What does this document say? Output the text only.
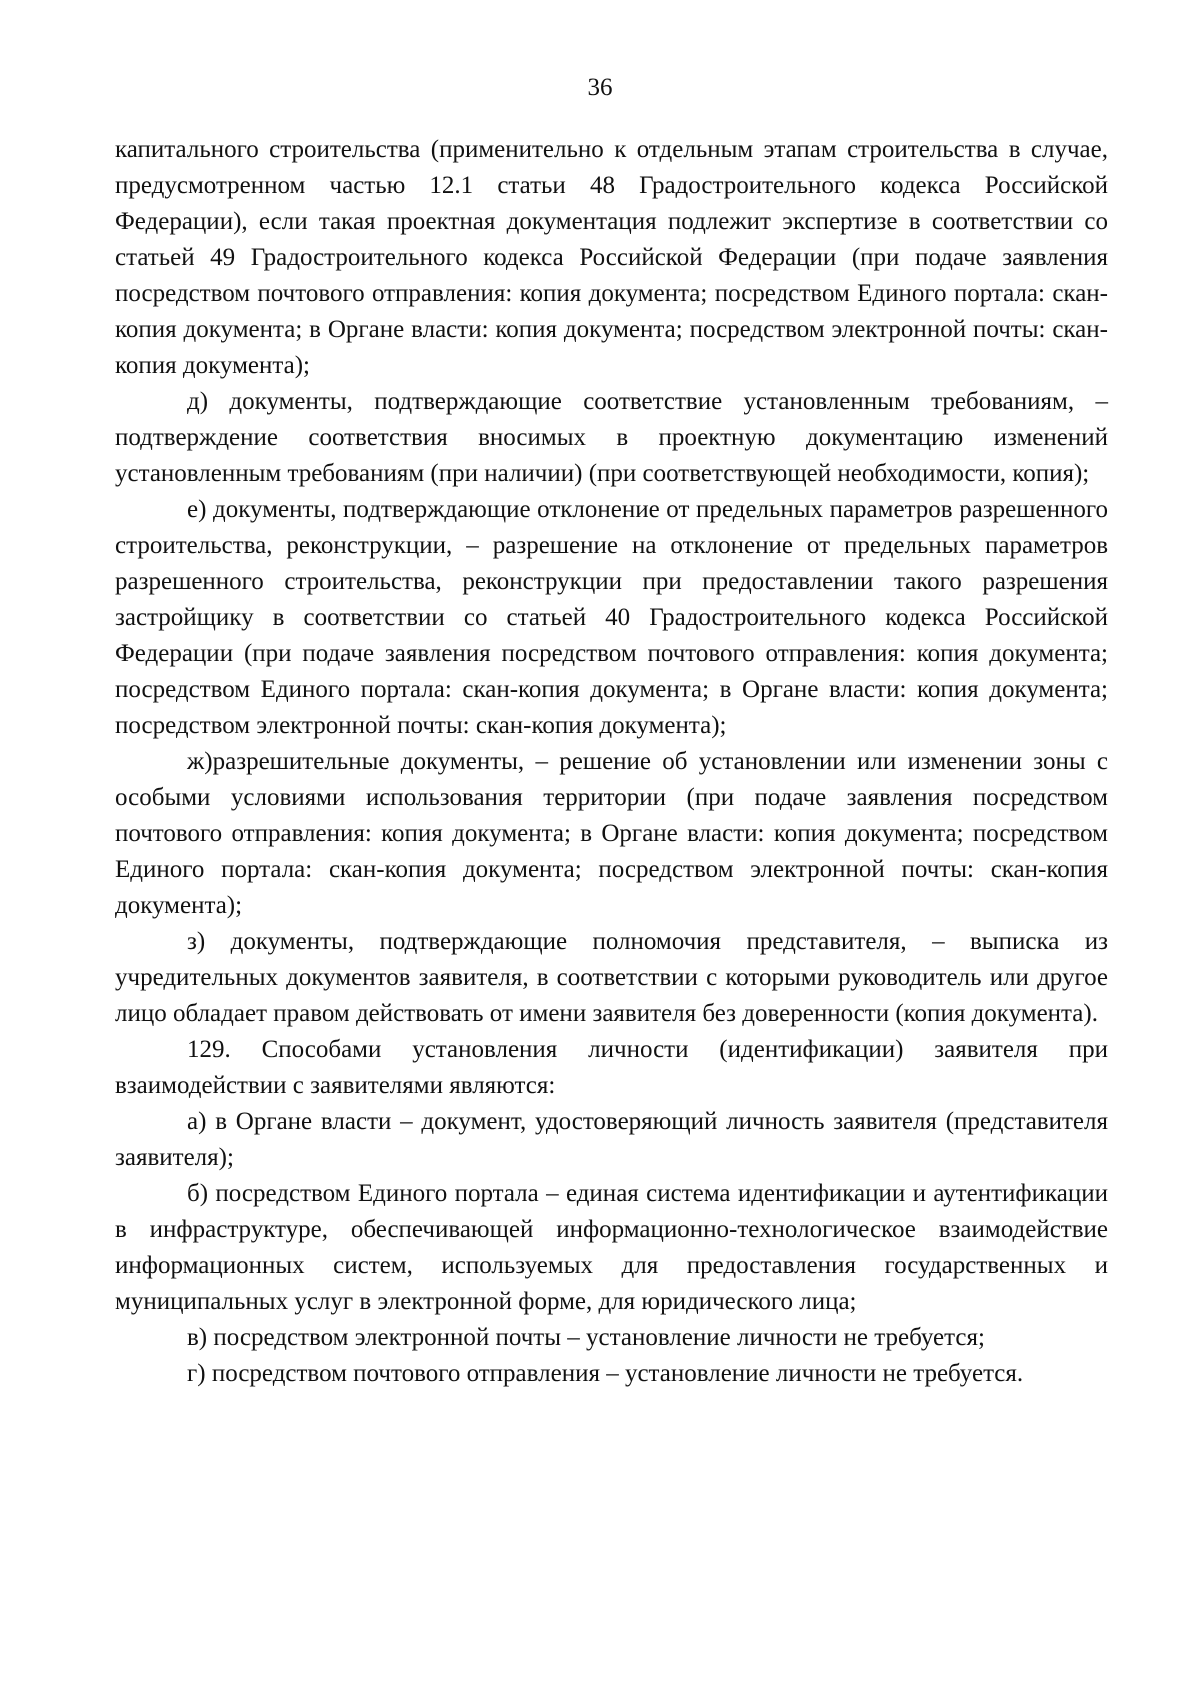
36

капитального строительства (применительно к отдельным этапам строительства в случае, предусмотренном частью 12.1 статьи 48 Градостроительного кодекса Российской Федерации), если такая проектная документация подлежит экспертизе в соответствии со статьей 49 Градостроительного кодекса Российской Федерации (при подаче заявления посредством почтового отправления: копия документа; посредством Единого портала: скан-копия документа; в Органе власти: копия документа; посредством электронной почты: скан-копия документа);

д) документы, подтверждающие соответствие установленным требованиям, – подтверждение соответствия вносимых в проектную документацию изменений установленным требованиям (при наличии) (при соответствующей необходимости, копия);

е) документы, подтверждающие отклонение от предельных параметров разрешенного строительства, реконструкции, – разрешение на отклонение от предельных параметров разрешенного строительства, реконструкции при предоставлении такого разрешения застройщику в соответствии со статьей 40 Градостроительного кодекса Российской Федерации (при подаче заявления посредством почтового отправления: копия документа; посредством Единого портала: скан-копия документа; в Органе власти: копия документа; посредством электронной почты: скан-копия документа);

ж)разрешительные документы, – решение об установлении или изменении зоны с особыми условиями использования территории (при подаче заявления посредством почтового отправления: копия документа; в Органе власти: копия документа; посредством Единого портала: скан-копия документа; посредством электронной почты: скан-копия документа);

з) документы, подтверждающие полномочия представителя, – выписка из учредительных документов заявителя, в соответствии с которыми руководитель или другое лицо обладает правом действовать от имени заявителя без доверенности (копия документа).

129. Способами установления личности (идентификации) заявителя при взаимодействии с заявителями являются:

а) в Органе власти – документ, удостоверяющий личность заявителя (представителя заявителя);

б) посредством Единого портала – единая система идентификации и аутентификации в инфраструктуре, обеспечивающей информационно-технологическое взаимодействие информационных систем, используемых для предоставления государственных и муниципальных услуг в электронной форме, для юридического лица;

в) посредством электронной почты – установление личности не требуется;

г) посредством почтового отправления – установление личности не требуется.
